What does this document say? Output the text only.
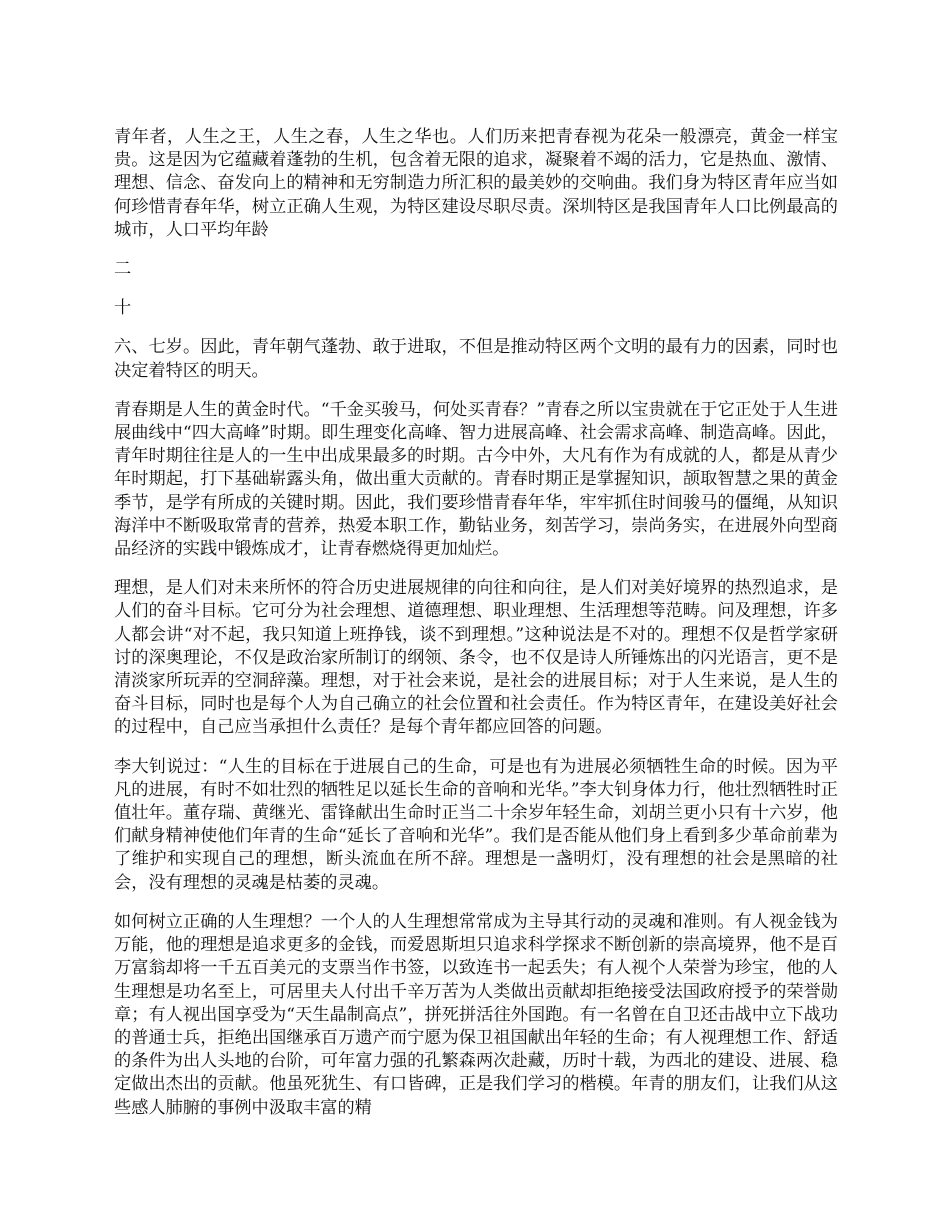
青年者，人生之王，人生之春，人生之华也。人们历来把青春视为花朵一般漂亮，黄金一样宝贵。这是因为它蕴藏着蓬勃的生机，包含着无限的追求，凝聚着不竭的活力，它是热血、激情、理想、信念、奋发向上的精神和无穷制造力所汇积的最美妙的交响曲。我们身为特区青年应当如何珍惜青春年华，树立正确人生观，为特区建设尽职尽责。深圳特区是我国青年人口比例最高的城市，人口平均年龄

二

十

六、七岁。因此，青年朝气蓬勃、敢于进取，不但是推动特区两个文明的最有力的因素，同时也决定着特区的明天。

青春期是人生的黄金时代。“千金买骏马，何处买青春？”青春之所以宝贵就在于它正处于人生进展曲线中“四大高峰”时期。即生理变化高峰、智力进展高峰、社会需求高峰、制造高峰。因此，青年时期往往是人的一生中出成果最多的时期。古今中外，大凡有作为有成就的人，都是从青少年时期起，打下基础崭露头角，做出重大贡献的。青春时期正是掌握知识，颉取智慧之果的黄金季节，是学有所成的关键时期。因此，我们要珍惜青春年华，牢牢抓住时间骏马的僵绳，从知识海洋中不断吸取常青的营养，热爱本职工作，勤钻业务，刻苦学习，崇尚务实，在进展外向型商品经济的实践中锻炼成才，让青春燃烧得更加灿烂。

理想，是人们对未来所怀的符合历史进展规律的向往和向往，是人们对美好境界的热烈追求，是人们的奋斗目标。它可分为社会理想、道德理想、职业理想、生活理想等范畴。问及理想，许多人都会讲“对不起，我只知道上班挣钱，谈不到理想。”这种说法是不对的。理想不仅是哲学家研讨的深奥理论，不仅是政治家所制订的纲领、条令，也不仅是诗人所锤炼出的闪光语言，更不是清淡家所玩弄的空洞辞藻。理想，对于社会来说，是社会的进展目标；对于人生来说，是人生的奋斗目标，同时也是每个人为自己确立的社会位置和社会责任。作为特区青年，在建设美好社会的过程中，自己应当承担什么责任？是每个青年都应回答的问题。

李大钊说过：“人生的目标在于进展自己的生命，可是也有为进展必须牺牲生命的时候。因为平凡的进展，有时不如壮烈的牺牲足以延长生命的音响和光华。”李大钊身体力行，他壮烈牺牲时正值壮年。董存瑞、黄继光、雷锋献出生命时正当二十余岁年轻生命，刘胡兰更小只有十六岁，他们献身精神使他们年青的生命“延长了音响和光华”。我们是否能从他们身上看到多少革命前辈为了维护和实现自己的理想，断头流血在所不辞。理想是一盏明灯，没有理想的社会是黑暗的社会，没有理想的灵魂是枯萎的灵魂。

如何树立正确的人生理想？一个人的人生理想常常成为主导其行动的灵魂和准则。有人视金钱为万能，他的理想是追求更多的金钱，而爱恩斯坦只追求科学探求不断创新的崇高境界，他不是百万富翁却将一千五百美元的支票当作书签，以致连书一起丢失；有人视个人荣誉为珍宝，他的人生理想是功名至上，可居里夫人付出千辛万苦为人类做出贡献却拒绝接受法国政府授予的荣誉勋章；有人视出国享受为“天生晶制高点”，拼死拼活往外国跑。有一名曾在自卫还击战中立下战功的普通士兵，拒绝出国继承百万遗产而宁愿为保卫祖国献出年轻的生命；有人视理想工作、舒适的条件为出人头地的台阶，可年富力强的孔繁森两次赴藏，历时十载，为西北的建设、进展、稳定做出杰出的贡献。他虽死犹生、有口皆碑，正是我们学习的楷模。年青的朋友们，让我们从这些感人肺腑的事例中汲取丰富的精
